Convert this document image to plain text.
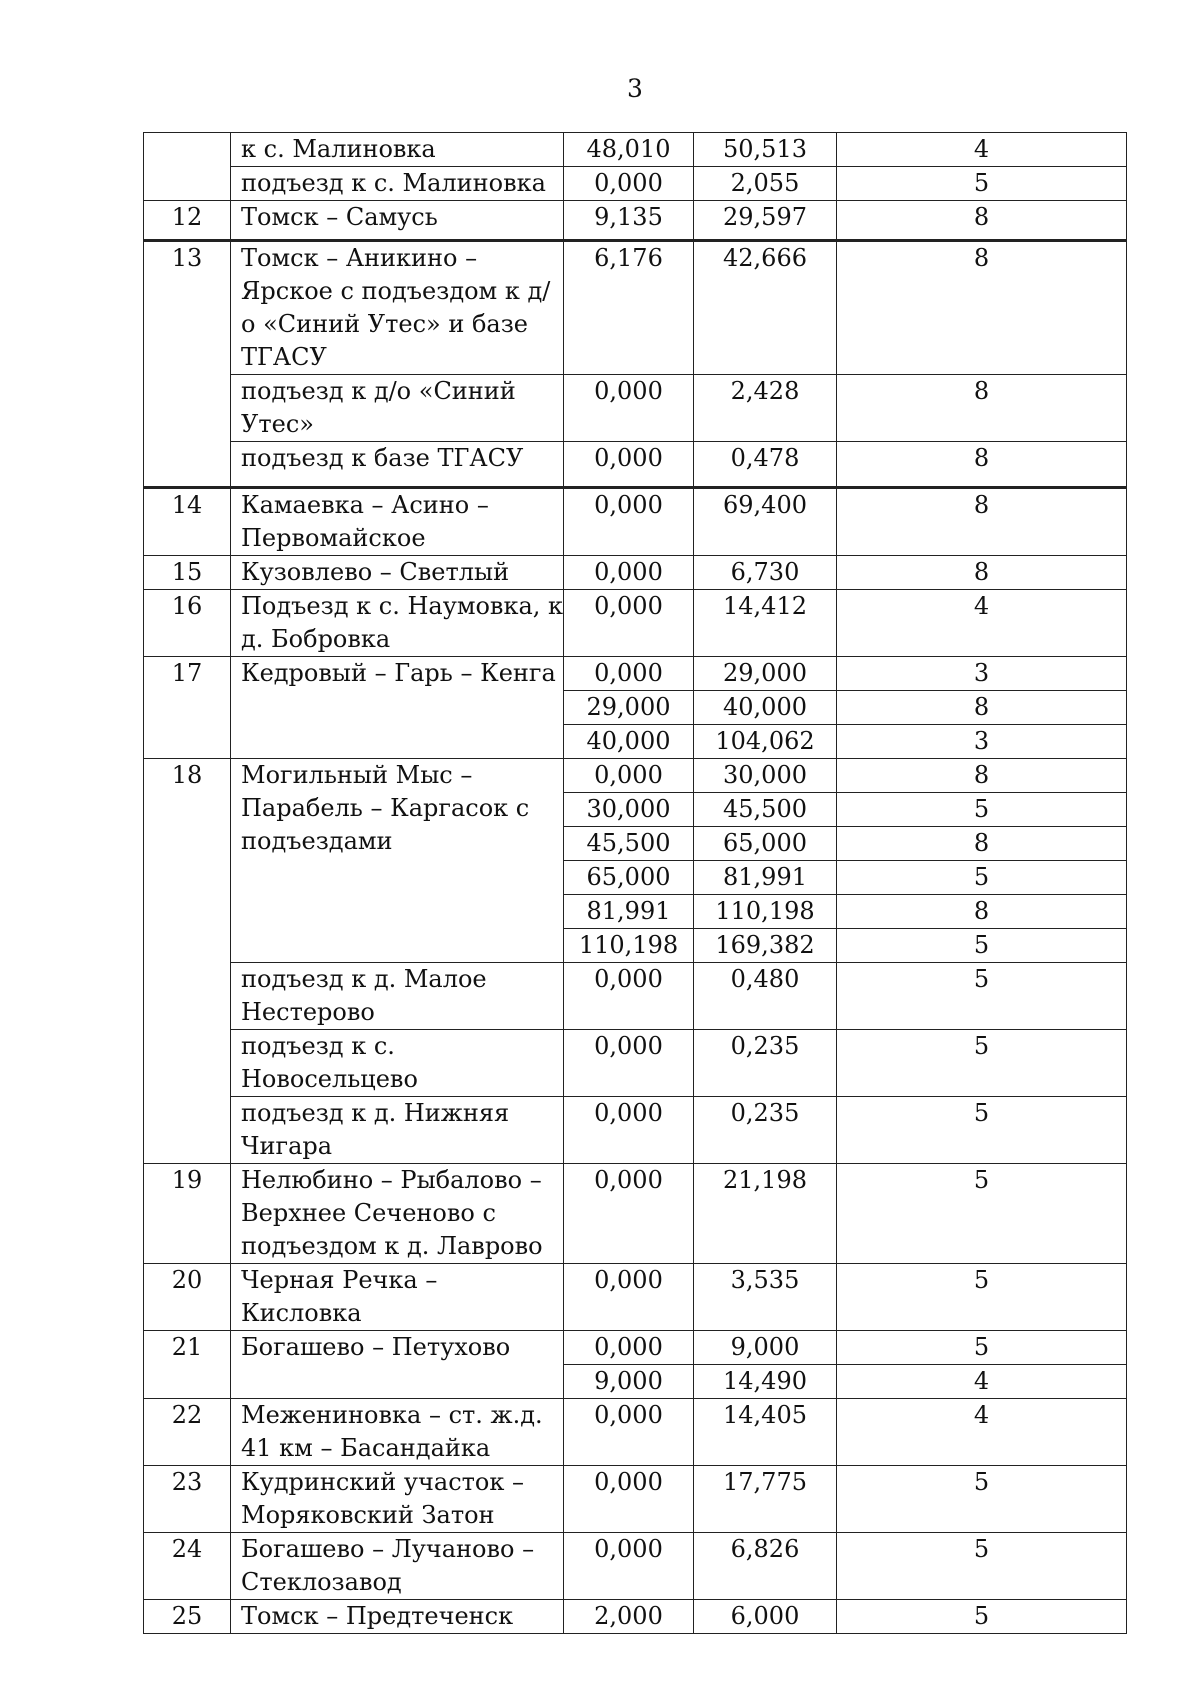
3
	к с. Малиновка	48,010	50,513	4
	подъезд к с. Малиновка	0,000	2,055	5
12	Томск – Самусь	9,135	29,597	8
13	Томск – Аникино – Ярское с подъездом к д/о «Синий Утес» и базе ТГАСУ	6,176	42,666	8
	подъезд к д/о «Синий Утес»	0,000	2,428	8
	подъезд к базе ТГАСУ	0,000	0,478	8
14	Камаевка – Асино – Первомайское	0,000	69,400	8
15	Кузовлево – Светлый	0,000	6,730	8
16	Подъезд к с. Наумовка, к д. Бобровка	0,000	14,412	4
17	Кедровый – Гарь – Кенга	0,000	29,000	3
		29,000	40,000	8
		40,000	104,062	3
18	Могильный Мыс – Парабель – Каргасок с подъездами	0,000	30,000	8
		30,000	45,500	5
		45,500	65,000	8
		65,000	81,991	5
		81,991	110,198	8
		110,198	169,382	5
	подъезд к д. Малое Нестерово	0,000	0,480	5
	подъезд к с. Новосельцево	0,000	0,235	5
	подъезд к д. Нижняя Чигара	0,000	0,235	5
19	Нелюбино – Рыбалово – Верхнее Сеченово с подъездом к д. Лаврово	0,000	21,198	5
20	Черная Речка – Кисловка	0,000	3,535	5
21	Богашево – Петухово	0,000	9,000	5
		9,000	14,490	4
22	Межениновка – ст. ж.д. 41 км – Басандайка	0,000	14,405	4
23	Кудринский участок – Моряковский Затон	0,000	17,775	5
24	Богашево – Лучаново – Стеклозавод	0,000	6,826	5
25	Томск – Предтеченск	2,000	6,000	5
